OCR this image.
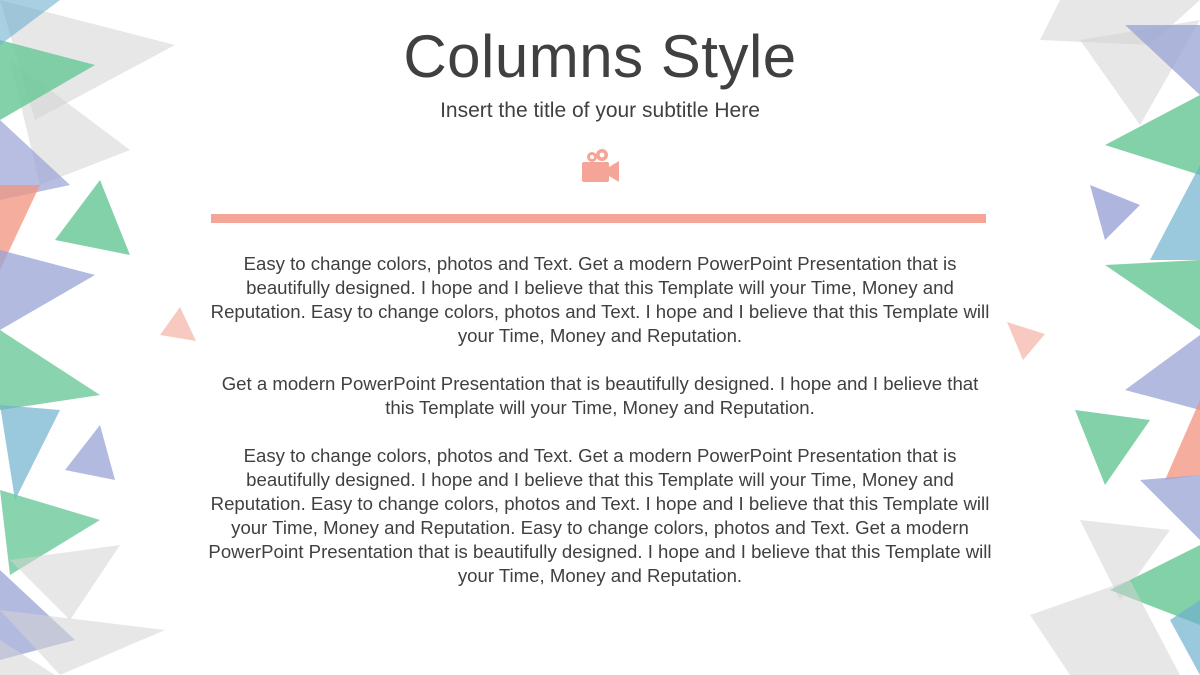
Columns Style
Insert the title of your subtitle Here

Easy to change colors, photos and Text. Get a modern PowerPoint Presentation that is beautifully designed. I hope and I believe that this Template will your Time, Money and Reputation. Easy to change colors, photos and Text. I hope and I believe that this Template will your Time, Money and Reputation.

Get a modern PowerPoint Presentation that is beautifully designed. I hope and I believe that this Template will your Time, Money and Reputation.

Easy to change colors, photos and Text. Get a modern PowerPoint Presentation that is beautifully designed. I hope and I believe that this Template will your Time, Money and Reputation. Easy to change colors, photos and Text. I hope and I believe that this Template will your Time, Money and Reputation. Easy to change colors, photos and Text. Get a modern PowerPoint Presentation that is beautifully designed. I hope and I believe that this Template will your Time, Money and Reputation.
